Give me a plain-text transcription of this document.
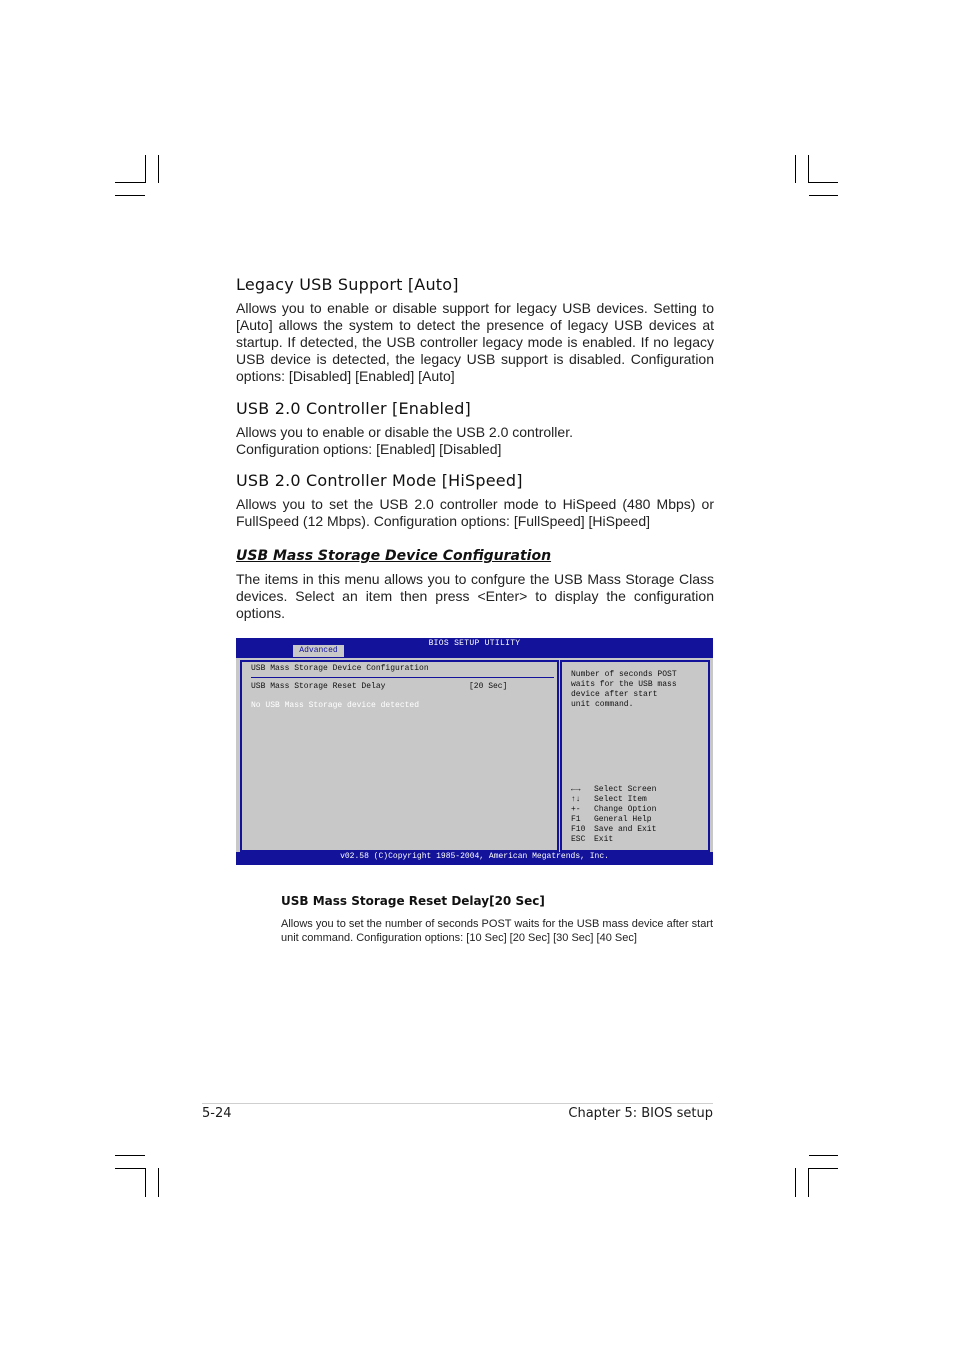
Legacy USB Support [Auto]
Allows you to enable or disable support for legacy USB devices. Setting to [Auto] allows the system to detect the presence of legacy USB devices at startup. If detected, the USB controller legacy mode is enabled. If no legacy USB device is detected, the legacy USB support is disabled. Configuration options: [Disabled] [Enabled] [Auto]
USB 2.0 Controller [Enabled]
Allows you to enable or disable the USB 2.0 controller.
Configuration options: [Enabled] [Disabled]
USB 2.0 Controller Mode [HiSpeed]
Allows you to set the USB 2.0 controller mode to HiSpeed (480 Mbps) or FullSpeed (12 Mbps). Configuration options: [FullSpeed] [HiSpeed]
USB Mass Storage Device Configuration
The items in this menu allows you to confgure the USB Mass Storage Class devices. Select an item then press <Enter> to display the configuration options.
BIOS SETUP UTILITY
Advanced
USB Mass Storage Device Configuration
USB Mass Storage Reset Delay	[20 Sec]
No USB Mass Storage device detected
Number of seconds POST
waits for the USB mass
device after start
unit command.
←→ Select Screen
↑↓ Select Item
+- Change Option
F1 General Help
F10 Save and Exit
ESC Exit
v02.58 (C)Copyright 1985-2004, American Megatrends, Inc.
USB Mass Storage Reset Delay[20 Sec]
Allows you to set the number of seconds POST waits for the USB mass device after start unit command. Configuration options: [10 Sec] [20 Sec] [30 Sec] [40 Sec]
5-24	Chapter 5: BIOS setup
